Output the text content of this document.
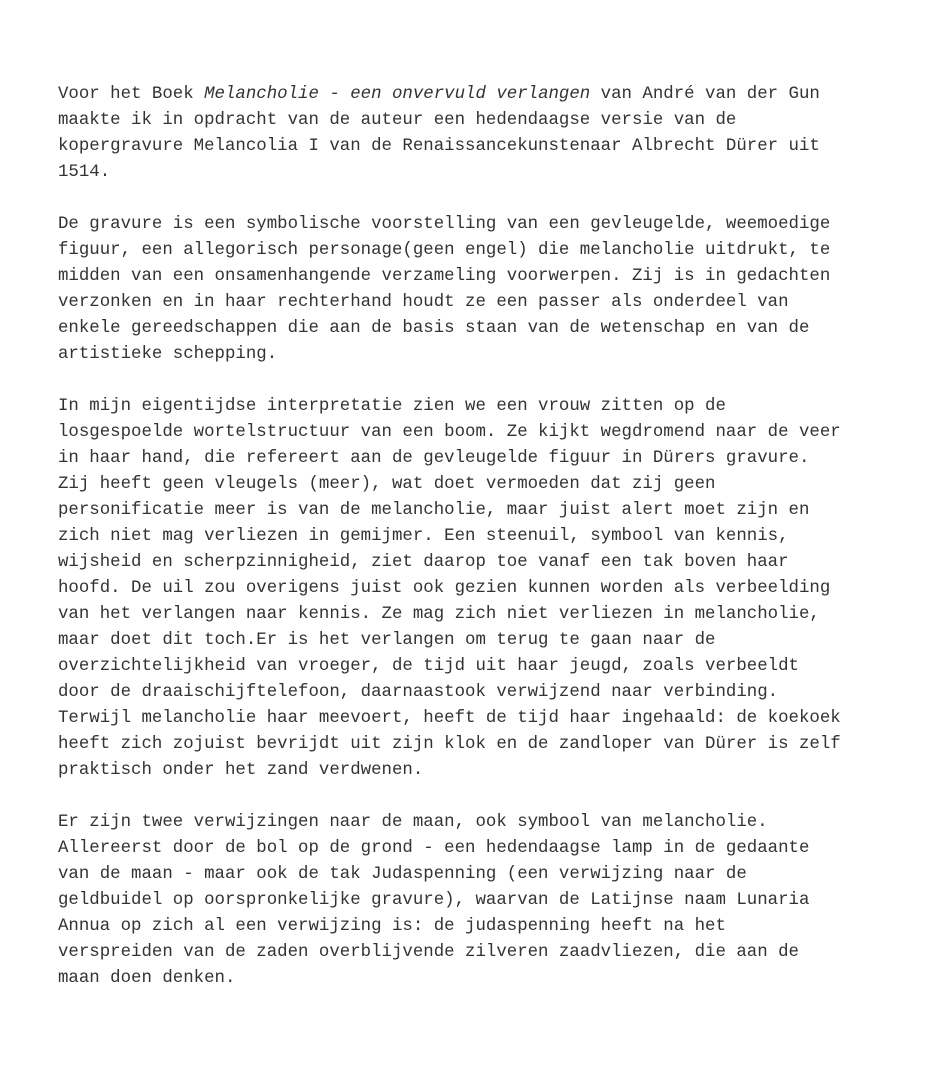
Voor het Boek Melancholie - een onvervuld verlangen van André van der Gun
maakte ik in opdracht van de auteur een hedendaagse versie van de
kopergravure Melancolia I van de Renaissancekunstenaar Albrecht Dürer uit
1514.

De gravure is een symbolische voorstelling van een gevleugelde, weemoedige
figuur, een allegorisch personage(geen engel) die melancholie uitdrukt, te
midden van een onsamenhangende verzameling voorwerpen. Zij is in gedachten
verzonken en in haar rechterhand houdt ze een passer als onderdeel van
enkele gereedschappen die aan de basis staan van de wetenschap en van de
artistieke schepping.

In mijn eigentijdse interpretatie zien we een vrouw zitten op de
losgespoelde wortelstructuur van een boom. Ze kijkt wegdromend naar de veer
in haar hand, die refereert aan de gevleugelde figuur in Dürers gravure.
Zij heeft geen vleugels (meer), wat doet vermoeden dat zij geen
personificatie meer is van de melancholie, maar juist alert moet zijn en
zich niet mag verliezen in gemijmer. Een steenuil, symbool van kennis,
wijsheid en scherpzinnigheid, ziet daarop toe vanaf een tak boven haar
hoofd. De uil zou overigens juist ook gezien kunnen worden als verbeelding
van het verlangen naar kennis. Ze mag zich niet verliezen in melancholie,
maar doet dit toch.Er is het verlangen om terug te gaan naar de
overzichtelijkheid van vroeger, de tijd uit haar jeugd, zoals verbeeldt
door de draaischijftelefoon, daarnaastook verwijzend naar verbinding.
Terwijl melancholie haar meevoert, heeft de tijd haar ingehaald: de koekoek
heeft zich zojuist bevrijdt uit zijn klok en de zandloper van Dürer is zelf
praktisch onder het zand verdwenen.

Er zijn twee verwijzingen naar de maan, ook symbool van melancholie.
Allereerst door de bol op de grond - een hedendaagse lamp in de gedaante
van de maan - maar ook de tak Judaspenning (een verwijzing naar de
geldbuidel op oorspronkelijke gravure), waarvan de Latijnse naam Lunaria
Annua op zich al een verwijzing is: de judaspenning heeft na het
verspreiden van de zaden overblijvende zilveren zaadvliezen, die aan de
maan doen denken.
